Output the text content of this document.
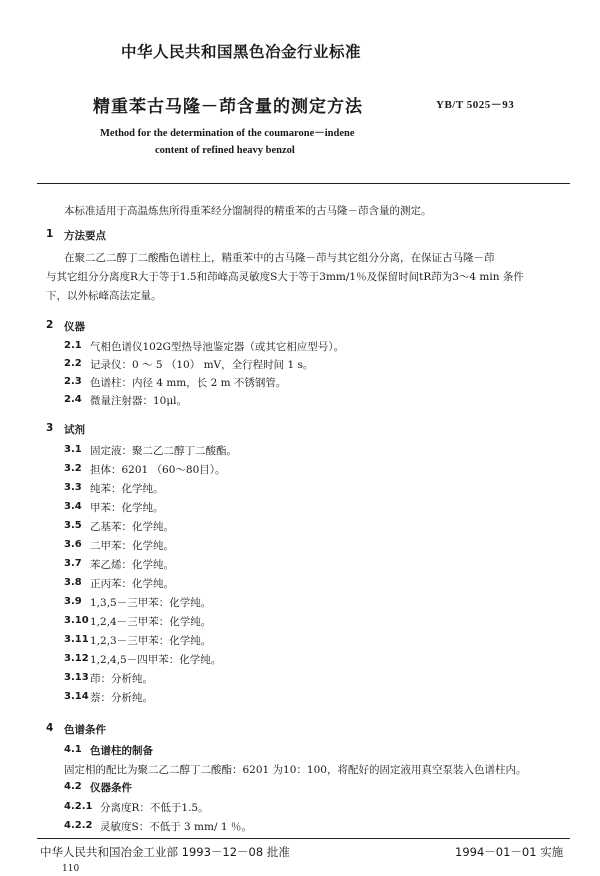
中华人民共和国黑色冶金行业标准
精重苯古马隆－茚含量的测定方法	YB/T 5025－93
Method for the determination of the coumarone－indene
content of refined heavy benzol
本标准适用于高温炼焦所得重苯经分馏制得的精重苯的古马隆－茚含量的测定。
1 方法要点
在聚二乙二醇丁二酸酯色谱柱上，精重苯中的古马隆－茚与其它组分分离，在保证古马隆－茚
与其它组分分离度R大于等于1.5和茚峰高灵敏度S大于等于3mm/1％及保留时间tR茚为3～4 min 条件
下，以外标峰高法定量。
2 仪器
2.1 气相色谱仪102G型热导池鉴定器（或其它相应型号）。
2.2 记录仪：0 ～ 5 （10） mV，全行程时间 1 s。
2.3 色谱柱：内径 4 mm，长 2 m 不锈钢管。
2.4 微量注射器：10μl。
3 试剂
3.1 固定液：聚二乙二醇丁二酸酯。
3.2 担体：6201 （60～80目）。
3.3 纯苯：化学纯。
3.4 甲苯：化学纯。
3.5 乙基苯：化学纯。
3.6 二甲苯：化学纯。
3.7 苯乙烯：化学纯。
3.8 正丙苯：化学纯。
3.9 1,3,5－三甲苯：化学纯。
3.10 1,2,4－三甲苯：化学纯。
3.11 1,2,3－三甲苯：化学纯。
3.12 1,2,4,5－四甲苯：化学纯。
3.13 茚：分析纯。
3.14 萘：分析纯。
4 色谱条件
4.1 色谱柱的制备
固定相的配比为聚二乙二醇丁二酸酯：6201 为10：100，将配好的固定液用真空泵装入色谱柱内。
4.2 仪器条件
4.2.1 分离度R：不低于1.5。
4.2.2 灵敏度S：不低于 3 mm/ 1 ％。
中华人民共和国冶金工业部 1993－12－08 批准	1994－01－01 实施
110
